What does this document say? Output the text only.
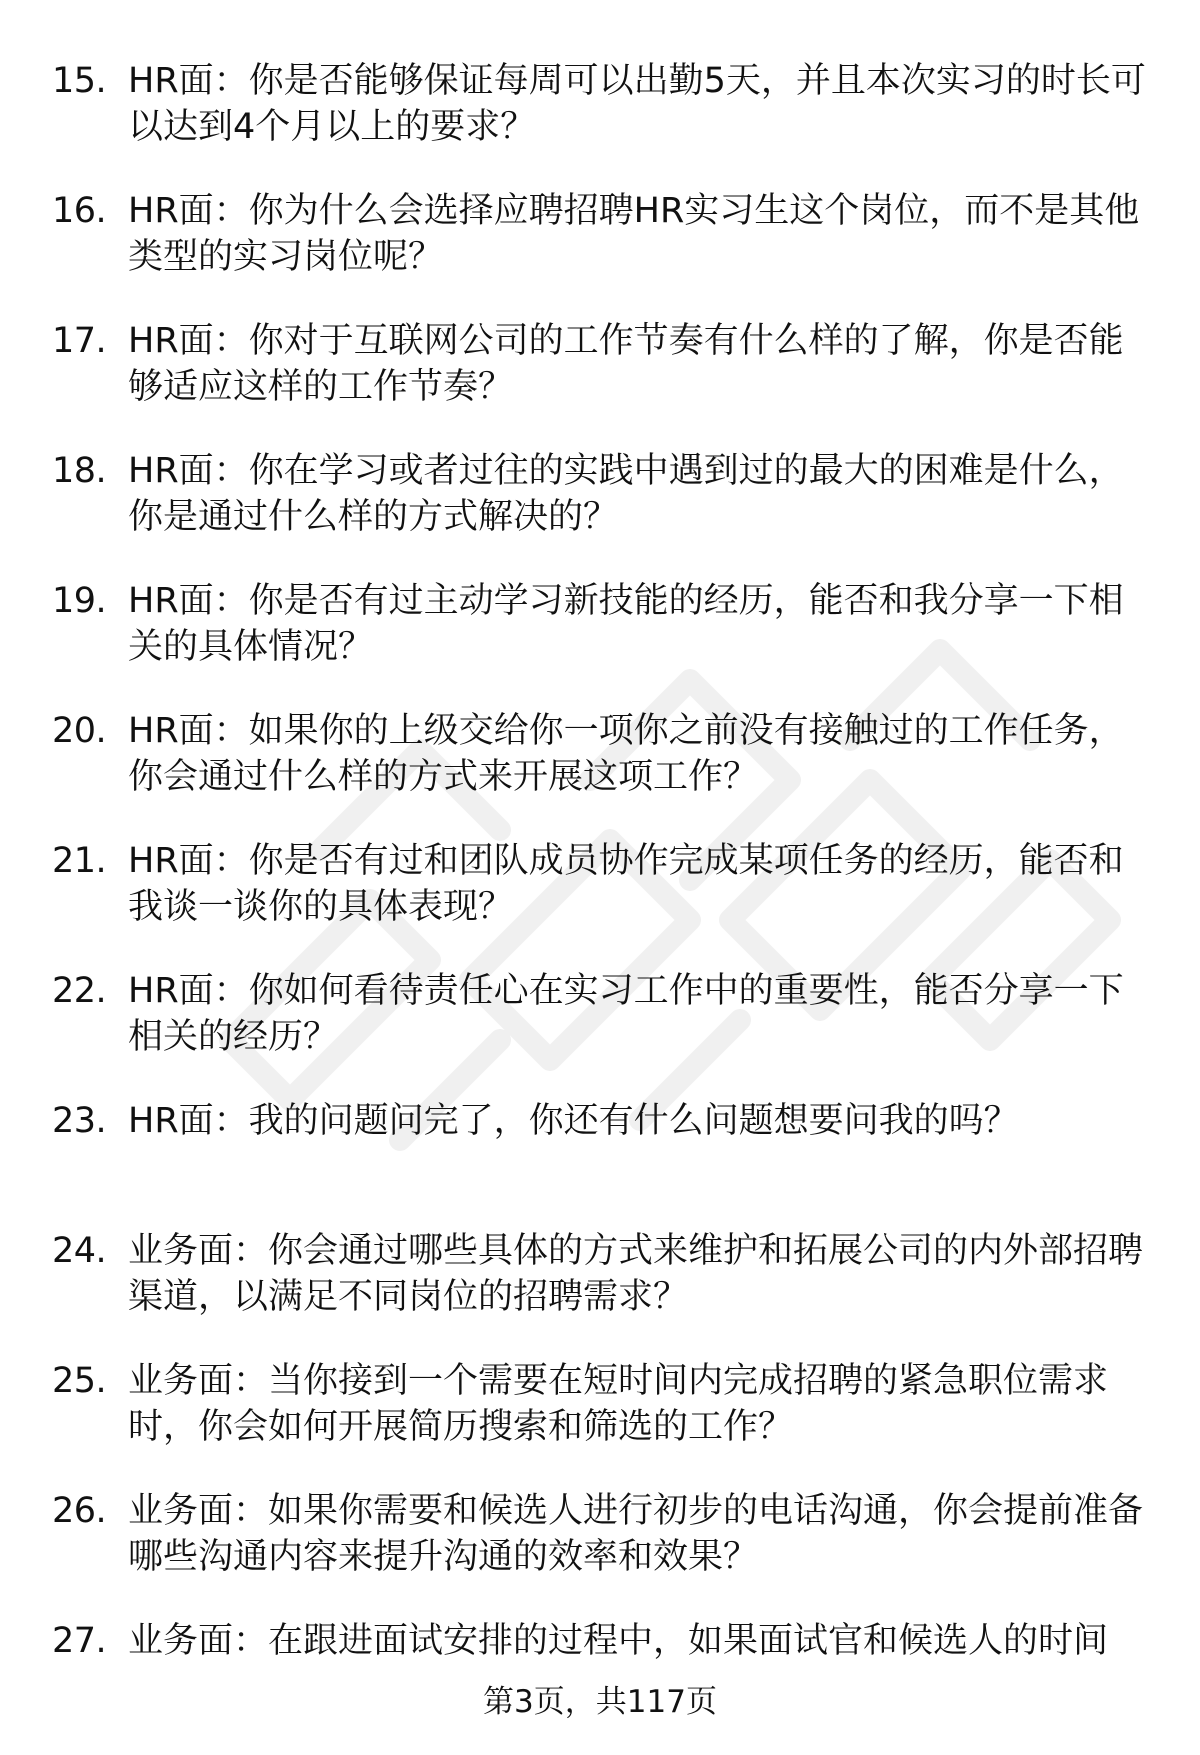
15. HR面：你是否能够保证每周可以出勤5天，并且本次实习的时长可以达到4个月以上的要求？
16. HR面：你为什么会选择应聘招聘HR实习生这个岗位，而不是其他类型的实习岗位呢？
17. HR面：你对于互联网公司的工作节奏有什么样的了解，你是否能够适应这样的工作节奏？
18. HR面：你在学习或者过往的实践中遇到过的最大的困难是什么，你是通过什么样的方式解决的？
19. HR面：你是否有过主动学习新技能的经历，能否和我分享一下相关的具体情况？
20. HR面：如果你的上级交给你一项你之前没有接触过的工作任务，你会通过什么样的方式来开展这项工作？
21. HR面：你是否有过和团队成员协作完成某项任务的经历，能否和我谈一谈你的具体表现？
22. HR面：你如何看待责任心在实习工作中的重要性，能否分享一下相关的经历？
23. HR面：我的问题问完了，你还有什么问题想要问我的吗？
24. 业务面：你会通过哪些具体的方式来维护和拓展公司的内外部招聘渠道，以满足不同岗位的招聘需求？
25. 业务面：当你接到一个需要在短时间内完成招聘的紧急职位需求时，你会如何开展简历搜索和筛选的工作？
26. 业务面：如果你需要和候选人进行初步的电话沟通，你会提前准备哪些沟通内容来提升沟通的效率和效果？
27. 业务面：在跟进面试安排的过程中，如果面试官和候选人的时间
第3页，共117页
